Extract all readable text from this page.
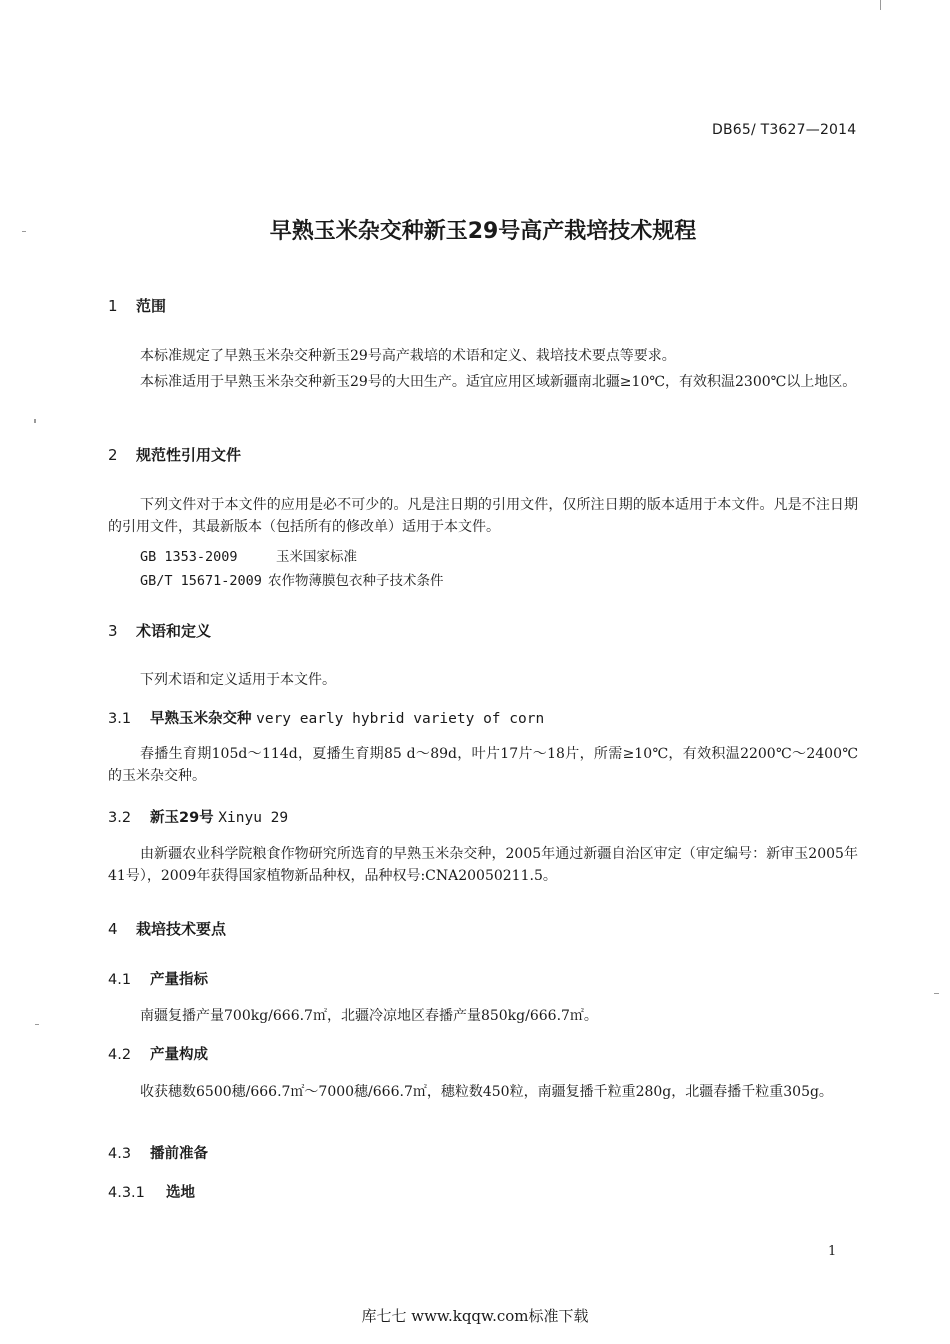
DB65/ T3627—2014
早熟玉米杂交种新玉29号高产栽培技术规程
1 范围
本标准规定了早熟玉米杂交种新玉29号高产栽培的术语和定义、栽培技术要点等要求。
本标准适用于早熟玉米杂交种新玉29号的大田生产。适宜应用区域新疆南北疆≥10℃，有效积温2300℃以上地区。
2 规范性引用文件
下列文件对于本文件的应用是必不可少的。凡是注日期的引用文件，仅所注日期的版本适用于本文件。凡是不注日期的引用文件，其最新版本（包括所有的修改单）适用于本文件。
GB 1353-2009	玉米国家标准
GB/T 15671-2009 农作物薄膜包衣种子技术条件
3 术语和定义
下列术语和定义适用于本文件。
3.1 早熟玉米杂交种 very early hybrid variety of corn
春播生育期105d～114d，夏播生育期85 d～89d，叶片17片～18片，所需≥10℃，有效积温2200℃～2400℃的玉米杂交种。
3.2 新玉29号 Xinyu 29
由新疆农业科学院粮食作物研究所选育的早熟玉米杂交种，2005年通过新疆自治区审定（审定编号：新审玉2005年41号），2009年获得国家植物新品种权，品种权号:CNA20050211.5。
4 栽培技术要点
4.1 产量指标
南疆复播产量700kg/666.7㎡，北疆冷凉地区春播产量850kg/666.7㎡。
4.2 产量构成
收获穗数6500穗/666.7㎡～7000穗/666.7㎡，穗粒数450粒，南疆复播千粒重280g，北疆春播千粒重305g。
4.3 播前准备
4.3.1 选地
1
库七七 www.kqqw.com标准下载
